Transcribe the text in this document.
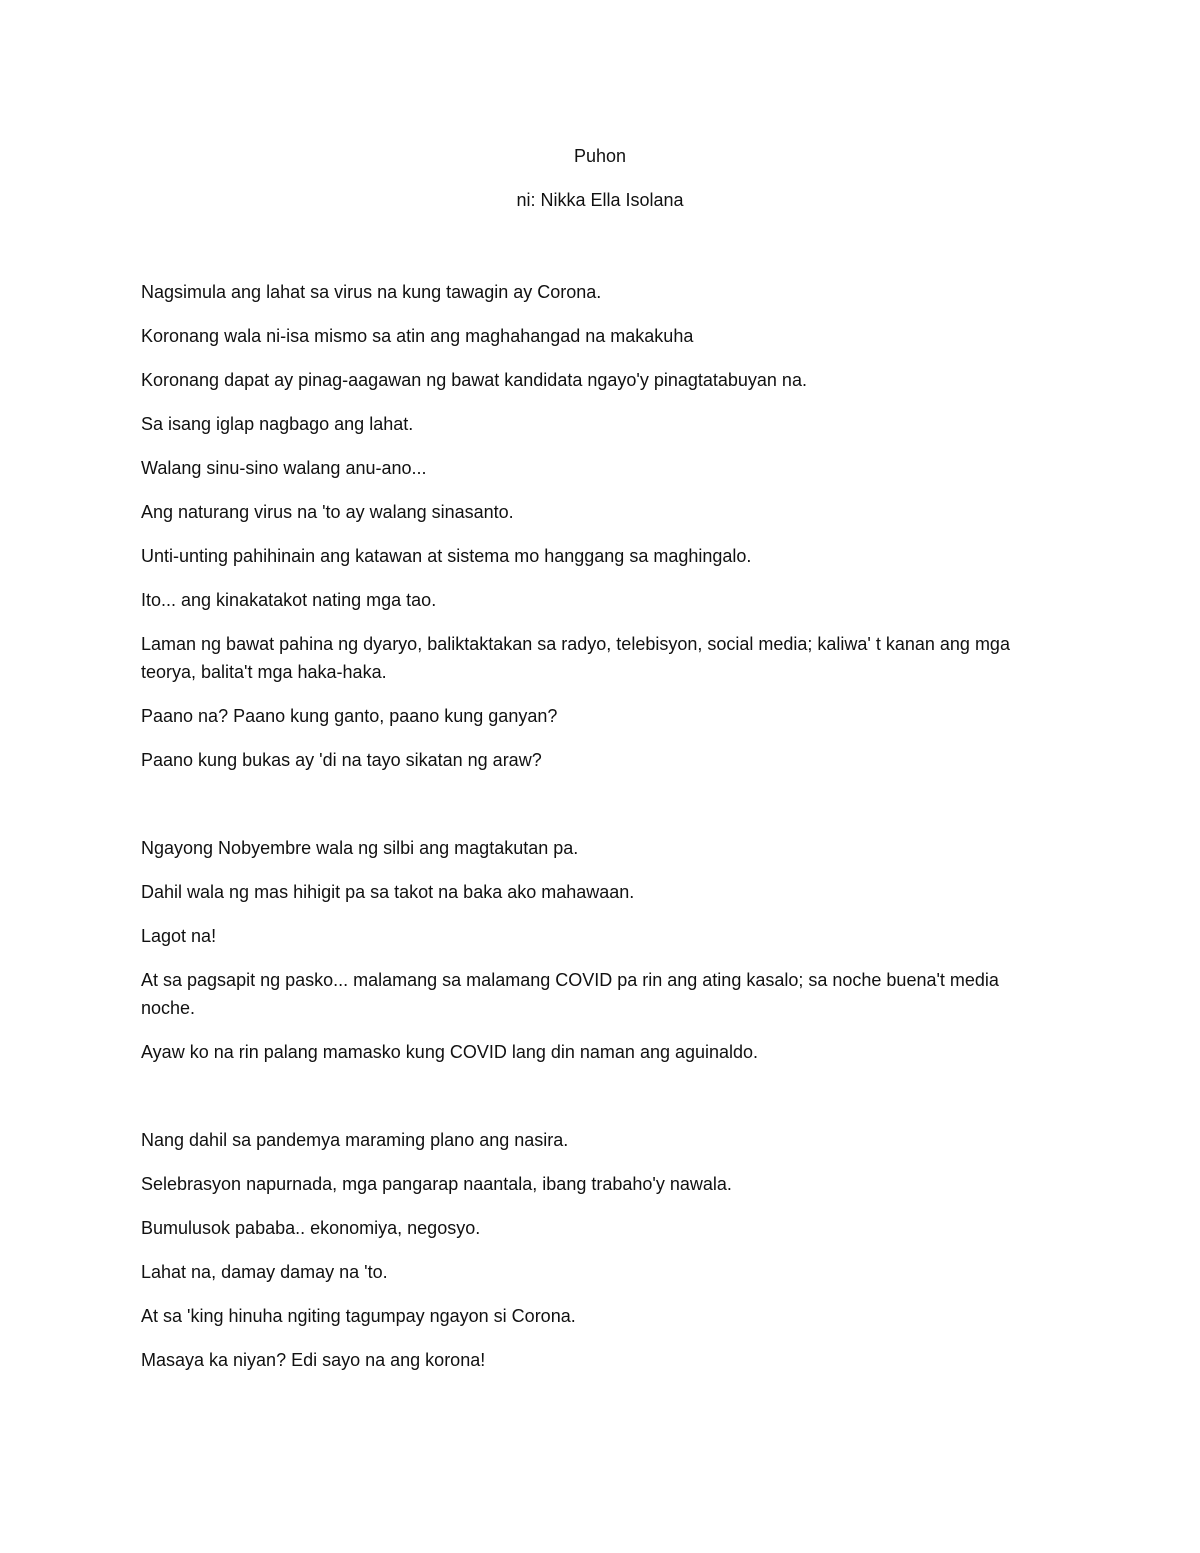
Puhon

ni: Nikka Ella Isolana

Nagsimula ang lahat sa virus na kung tawagin ay Corona.

Koronang wala ni-isa mismo sa atin ang maghahangad na makakuha

Koronang dapat ay pinag-aagawan ng bawat kandidata ngayo'y pinagtatabuyan na.

Sa isang iglap nagbago ang lahat.

Walang sinu-sino walang anu-ano...

Ang naturang virus na 'to ay walang sinasanto.

Unti-unting pahihinain ang katawan at sistema mo hanggang sa maghingalo.

Ito... ang kinakatakot nating mga tao.

Laman ng bawat pahina ng dyaryo, baliktaktakan sa radyo, telebisyon, social media; kaliwa' t kanan ang mga teorya, balita't mga haka-haka.

Paano na? Paano kung ganto, paano kung ganyan?

Paano kung bukas ay 'di na tayo sikatan ng araw?

Ngayong Nobyembre wala ng silbi ang magtakutan pa.

Dahil wala ng mas hihigit pa sa takot na baka ako mahawaan.

Lagot na!

At sa pagsapit ng pasko... malamang sa malamang COVID pa rin ang ating kasalo; sa noche buena't media noche.

Ayaw ko na rin palang mamasko kung COVID lang din naman ang aguinaldo.

Nang dahil sa pandemya maraming plano ang nasira.

Selebrasyon napurnada, mga pangarap naantala, ibang trabaho'y nawala.

Bumulusok pababa.. ekonomiya, negosyo.

Lahat na, damay damay na 'to.

At sa 'king hinuha ngiting tagumpay ngayon si Corona.

Masaya ka niyan? Edi sayo na ang korona!
